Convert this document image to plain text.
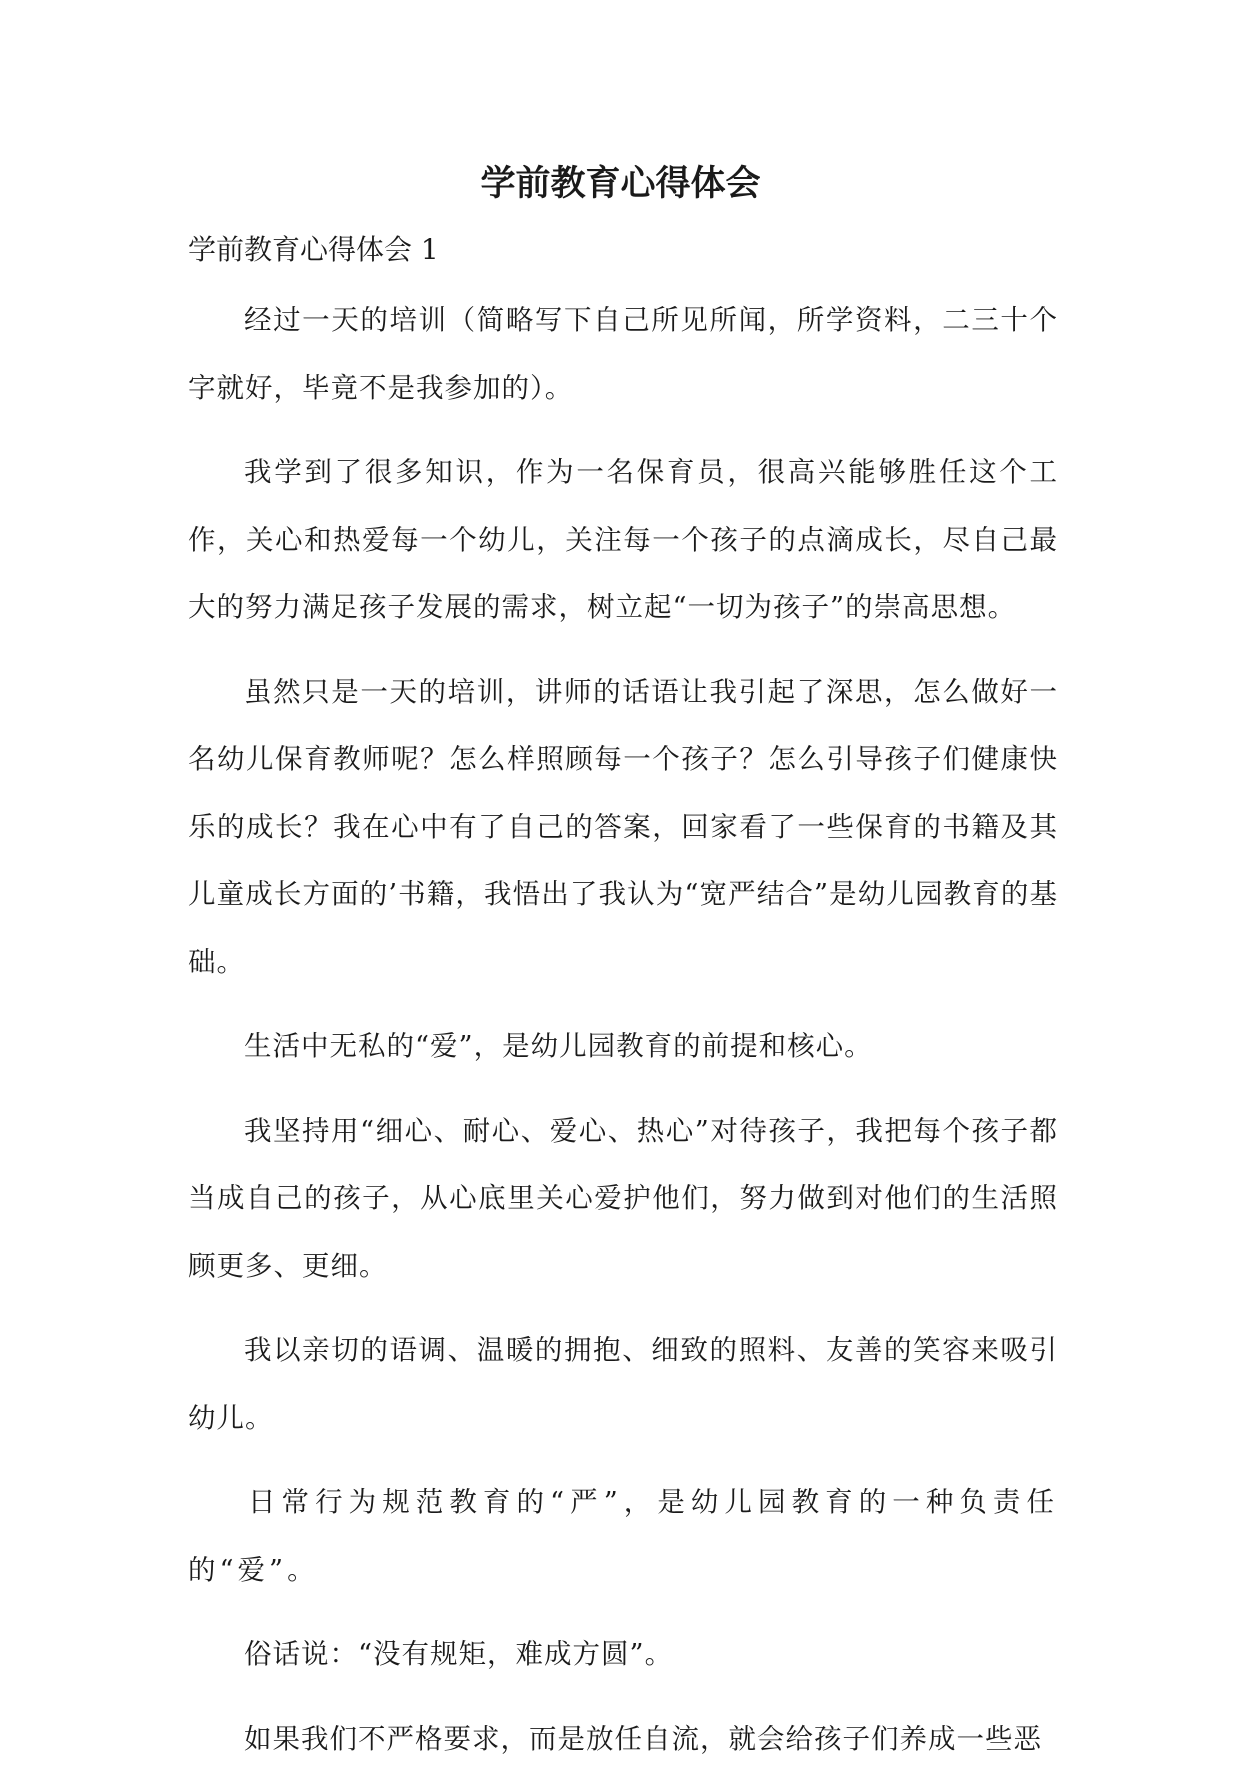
学前教育心得体会

学前教育心得体会 1

经过一天的培训（简略写下自己所见所闻，所学资料，二三十个字就好，毕竟不是我参加的）。

我学到了很多知识，作为一名保育员，很高兴能够胜任这个工作，关心和热爱每一个幼儿，关注每一个孩子的点滴成长，尽自己最大的努力满足孩子发展的需求，树立起“一切为孩子”的崇高思想。

虽然只是一天的培训，讲师的话语让我引起了深思，怎么做好一名幼儿保育教师呢？怎么样照顾每一个孩子？怎么引导孩子们健康快乐的成长？我在心中有了自己的答案，回家看了一些保育的书籍及其儿童成长方面的’书籍，我悟出了我认为“宽严结合”是幼儿园教育的基础。

生活中无私的“爱”，是幼儿园教育的前提和核心。

我坚持用“细心、耐心、爱心、热心”对待孩子，我把每个孩子都当成自己的孩子，从心底里关心爱护他们，努力做到对他们的生活照顾更多、更细。

我以亲切的语调、温暖的拥抱、细致的照料、友善的笑容来吸引幼儿。

日常行为规范教育的“严”，是幼儿园教育的一种负责任的“爱”。

俗话说：“没有规矩，难成方圆”。

如果我们不严格要求，而是放任自流，就会给孩子们养成一些恶
